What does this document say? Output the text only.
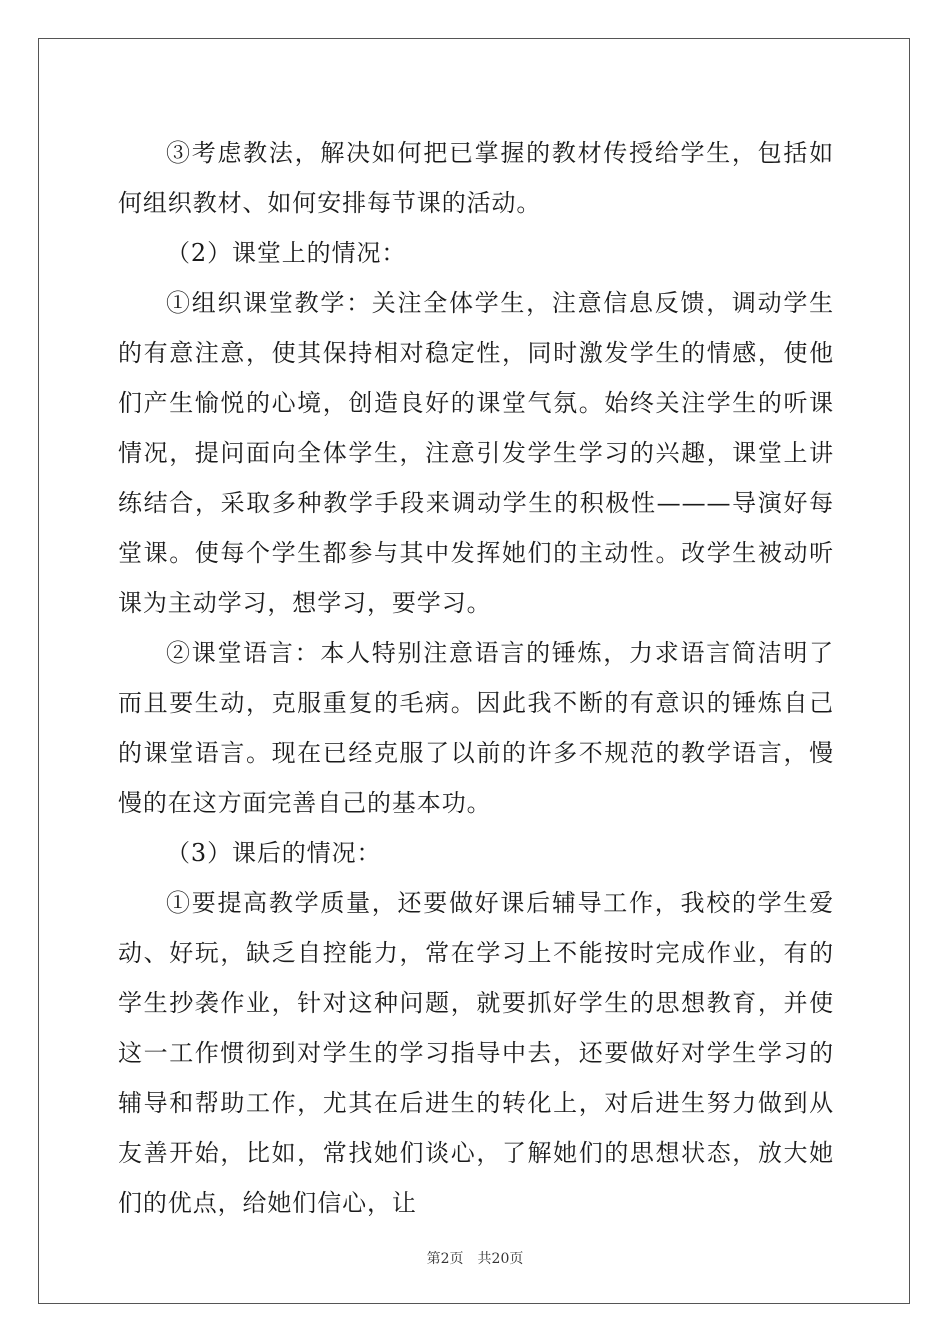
③考虑教法，解决如何把已掌握的教材传授给学生，包括如何组织教材、如何安排每节课的活动。

（2）课堂上的情况：

①组织课堂教学：关注全体学生，注意信息反馈，调动学生的有意注意，使其保持相对稳定性，同时激发学生的情感，使他们产生愉悦的心境，创造良好的课堂气氛。始终关注学生的听课情况，提问面向全体学生，注意引发学生学习的兴趣，课堂上讲练结合，采取多种教学手段来调动学生的积极性———导演好每堂课。使每个学生都参与其中发挥她们的主动性。改学生被动听课为主动学习，想学习，要学习。

②课堂语言：本人特别注意语言的锤炼，力求语言简洁明了而且要生动，克服重复的毛病。因此我不断的有意识的锤炼自己的课堂语言。现在已经克服了以前的许多不规范的教学语言，慢慢的在这方面完善自己的基本功。

（3）课后的情况：

①要提高教学质量，还要做好课后辅导工作，我校的学生爱动、好玩，缺乏自控能力，常在学习上不能按时完成作业，有的学生抄袭作业，针对这种问题，就要抓好学生的思想教育，并使这一工作惯彻到对学生的学习指导中去，还要做好对学生学习的辅导和帮助工作，尤其在后进生的转化上，对后进生努力做到从友善开始，比如，常找她们谈心，了解她们的思想状态，放大她们的优点，给她们信心，让

第2页 共20页
